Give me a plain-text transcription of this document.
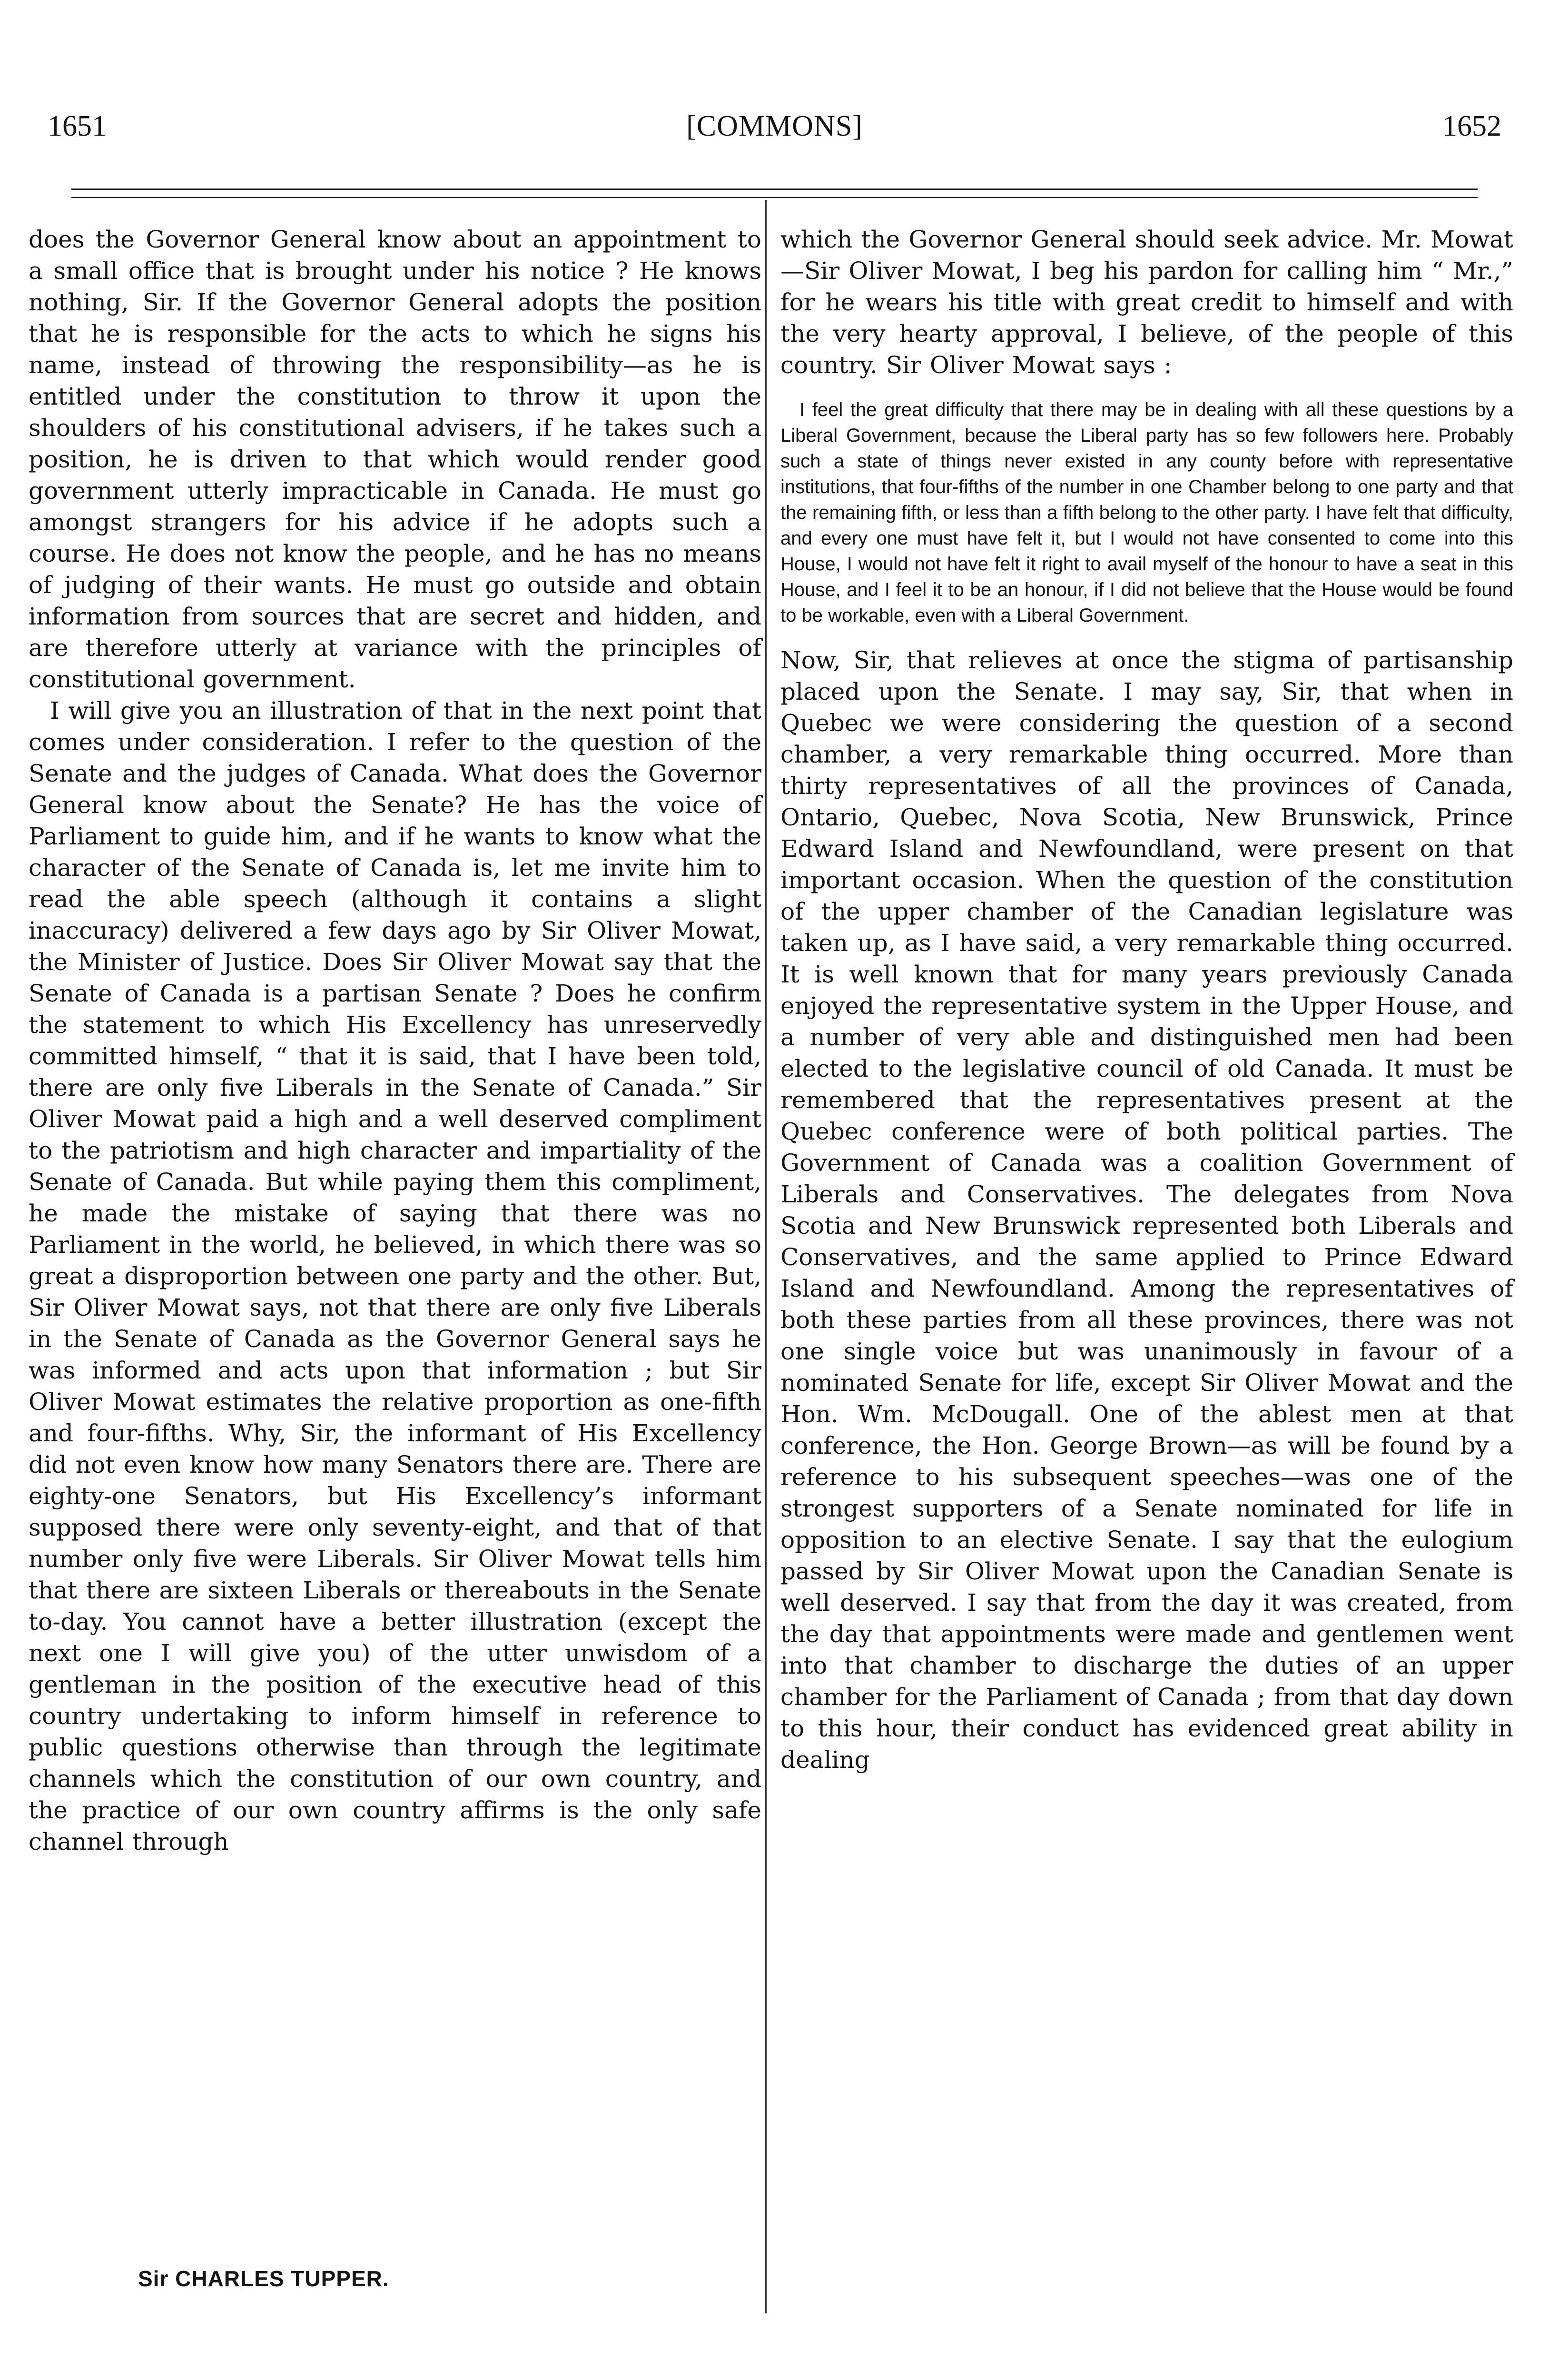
1651	[COMMONS]	1652

does the Governor General know about an appointment to a small office that is brought under his notice ? He knows nothing, Sir. If the Governor General adopts the position that he is responsible for the acts to which he signs his name, instead of throwing the responsibility—as he is entitled under the constitution to throw it upon the shoulders of his constitutional advisers, if he takes such a position, he is driven to that which would render good government utterly impracticable in Canada. He must go amongst strangers for his advice if he adopts such a course. He does not know the people, and he has no means of judging of their wants. He must go outside and obtain information from sources that are secret and hidden, and are therefore utterly at variance with the principles of constitutional government.

I will give you an illustration of that in the next point that comes under consideration. I refer to the question of the Senate and the judges of Canada. What does the Governor General know about the Senate? He has the voice of Parliament to guide him, and if he wants to know what the character of the Senate of Canada is, let me invite him to read the able speech (although it contains a slight inaccuracy) delivered a few days ago by Sir Oliver Mowat, the Minister of Justice. Does Sir Oliver Mowat say that the Senate of Canada is a partisan Senate ? Does he confirm the statement to which His Excellency has unreservedly committed himself, “ that it is said, that I have been told, there are only five Liberals in the Senate of Canada.” Sir Oliver Mowat paid a high and a well deserved compliment to the patriotism and high character and impartiality of the Senate of Canada. But while paying them this compliment, he made the mistake of saying that there was no Parliament in the world, he believed, in which there was so great a disproportion between one party and the other. But, Sir Oliver Mowat says, not that there are only five Liberals in the Senate of Canada as the Governor General says he was informed and acts upon that information ; but Sir Oliver Mowat estimates the relative proportion as one-fifth and four-fifths. Why, Sir, the informant of His Excellency did not even know how many Senators there are. There are eighty-one Senators, but His Excellency’s informant supposed there were only seventy-eight, and that of that number only five were Liberals. Sir Oliver Mowat tells him that there are sixteen Liberals or thereabouts in the Senate to-day. You cannot have a better illustration (except the next one I will give you) of the utter unwisdom of a gentleman in the position of the executive head of this country undertaking to inform himself in reference to public questions otherwise than through the legitimate channels which the constitution of our own country, and the practice of our own country affirms is the only safe channel through

which the Governor General should seek advice. Mr. Mowat—Sir Oliver Mowat, I beg his pardon for calling him “ Mr.,” for he wears his title with great credit to himself and with the very hearty approval, I believe, of the people of this country. Sir Oliver Mowat says :

I feel the great difficulty that there may be in dealing with all these questions by a Liberal Government, because the Liberal party has so few followers here. Probably such a state of things never existed in any county before with representative institutions, that four-fifths of the number in one Chamber belong to one party and that the remaining fifth, or less than a fifth belong to the other party. I have felt that difficulty, and every one must have felt it, but I would not have consented to come into this House, I would not have felt it right to avail myself of the honour to have a seat in this House, and I feel it to be an honour, if I did not believe that the House would be found to be workable, even with a Liberal Government.

Now, Sir, that relieves at once the stigma of partisanship placed upon the Senate. I may say, Sir, that when in Quebec we were considering the question of a second chamber, a very remarkable thing occurred. More than thirty representatives of all the provinces of Canada, Ontario, Quebec, Nova Scotia, New Brunswick, Prince Edward Island and Newfoundland, were present on that important occasion. When the question of the constitution of the upper chamber of the Canadian legislature was taken up, as I have said, a very remarkable thing occurred. It is well known that for many years previously Canada enjoyed the representative system in the Upper House, and a number of very able and distinguished men had been elected to the legislative council of old Canada. It must be remembered that the representatives present at the Quebec conference were of both political parties. The Government of Canada was a coalition Government of Liberals and Conservatives. The delegates from Nova Scotia and New Brunswick represented both Liberals and Conservatives, and the same applied to Prince Edward Island and Newfoundland. Among the representatives of both these parties from all these provinces, there was not one single voice but was unanimously in favour of a nominated Senate for life, except Sir Oliver Mowat and the Hon. Wm. McDougall. One of the ablest men at that conference, the Hon. George Brown—as will be found by a reference to his subsequent speeches—was one of the strongest supporters of a Senate nominated for life in opposition to an elective Senate. I say that the eulogium passed by Sir Oliver Mowat upon the Canadian Senate is well deserved. I say that from the day it was created, from the day that appointments were made and gentlemen went into that chamber to discharge the duties of an upper chamber for the Parliament of Canada ; from that day down to this hour, their conduct has evidenced great ability in dealing

Sir CHARLES TUPPER.
